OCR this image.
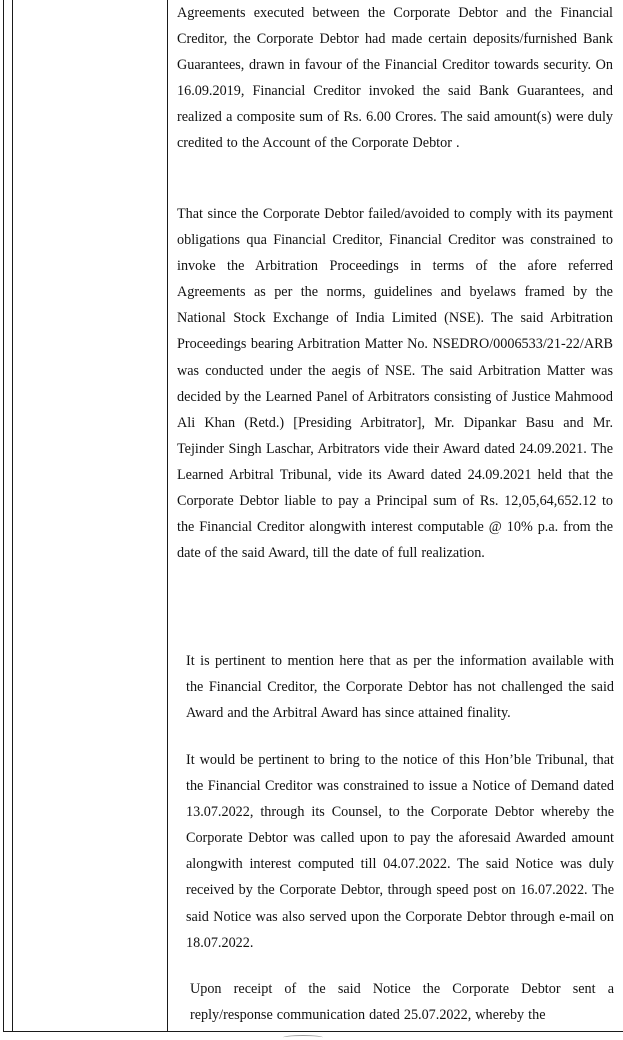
Agreements executed between the Corporate Debtor and the Financial Creditor, the Corporate Debtor had made certain deposits/furnished Bank Guarantees, drawn in favour of the Financial Creditor towards security. On 16.09.2019, Financial Creditor invoked the said Bank Guarantees, and realized a composite sum of Rs. 6.00 Crores. The said amount(s) were duly credited to the Account of the Corporate Debtor .

That since the Corporate Debtor failed/avoided to comply with its payment obligations qua Financial Creditor, Financial Creditor was constrained to invoke the Arbitration Proceedings in terms of the afore referred Agreements as per the norms, guidelines and byelaws framed by the National Stock Exchange of India Limited (NSE). The said Arbitration Proceedings bearing Arbitration Matter No. NSEDRO/0006533/21-22/ARB was conducted under the aegis of NSE. The said Arbitration Matter was decided by the Learned Panel of Arbitrators consisting of Justice Mahmood Ali Khan (Retd.) [Presiding Arbitrator], Mr. Dipankar Basu and Mr. Tejinder Singh Laschar, Arbitrators vide their Award dated 24.09.2021. The Learned Arbitral Tribunal, vide its Award dated 24.09.2021 held that the Corporate Debtor liable to pay a Principal sum of Rs. 12,05,64,652.12 to the Financial Creditor alongwith interest computable @ 10% p.a. from the date of the said Award, till the date of full realization.

It is pertinent to mention here that as per the information available with the Financial Creditor, the Corporate Debtor has not challenged the said Award and the Arbitral Award has since attained finality.

It would be pertinent to bring to the notice of this Hon’ble Tribunal, that the Financial Creditor was constrained to issue a Notice of Demand dated 13.07.2022, through its Counsel, to the Corporate Debtor whereby the Corporate Debtor was called upon to pay the aforesaid Awarded amount alongwith interest computed till 04.07.2022. The said Notice was duly received by the Corporate Debtor, through speed post on 16.07.2022. The said Notice was also served upon the Corporate Debtor through e-mail on 18.07.2022.

Upon receipt of the said Notice the Corporate Debtor sent a reply/response communication dated 25.07.2022, whereby the
